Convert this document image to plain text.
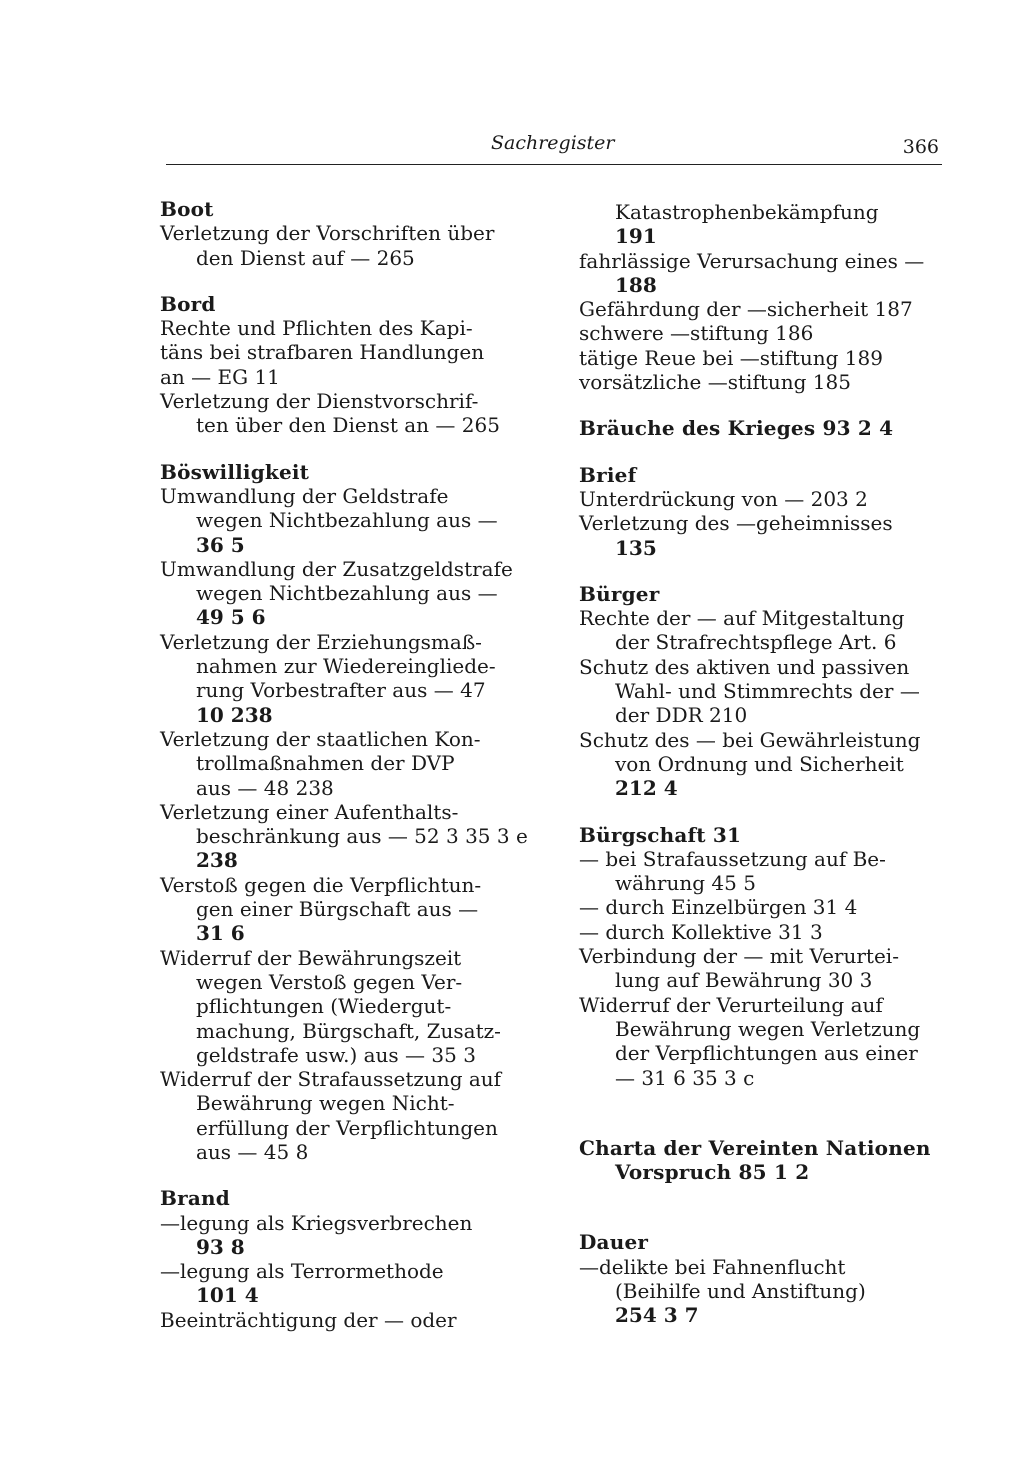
Sachregister	366
Boot
Verletzung der Vorschriften über
den Dienst auf — 265
Bord
Rechte und Pflichten des Kapi-
täns bei strafbaren Handlungen
an — EG 11
Verletzung der Dienstvorschrif-
ten über den Dienst an — 265
Böswilligkeit
Umwandlung der Geldstrafe
wegen Nichtbezahlung aus —
36 5
Umwandlung der Zusatzgeldstrafe
wegen Nichtbezahlung aus —
49 5 6
Verletzung der Erziehungsmaß-
nahmen zur Wiedereingliede-
rung Vorbestrafter aus — 47
10 238
Verletzung der staatlichen Kon-
trollmaßnahmen der DVP
aus — 48 238
Verletzung einer Aufenthalts-
beschränkung aus — 52 3 35 3 e
238
Verstoß gegen die Verpflichtun-
gen einer Bürgschaft aus —
31 6
Widerruf der Bewährungszeit
wegen Verstoß gegen Ver-
pflichtungen (Wiedergut-
machung, Bürgschaft, Zusatz-
geldstrafe usw.) aus — 35 3
Widerruf der Strafaussetzung auf
Bewährung wegen Nicht-
erfüllung der Verpflichtungen
aus — 45 8
Brand
—legung als Kriegsverbrechen
93 8
—legung als Terrormethode
101 4
Beeinträchtigung der — oder
Katastrophenbekämpfung
191
fahrlässige Verursachung eines —
188
Gefährdung der —sicherheit 187
schwere —stiftung 186
tätige Reue bei —stiftung 189
vorsätzliche —stiftung 185
Bräuche des Krieges 93 2 4
Brief
Unterdrückung von — 203 2
Verletzung des —geheimnisses
135
Bürger
Rechte der — auf Mitgestaltung
der Strafrechtspflege Art. 6
Schutz des aktiven und passiven
Wahl- und Stimmrechts der —
der DDR 210
Schutz des — bei Gewährleistung
von Ordnung und Sicherheit
212 4
Bürgschaft 31
— bei Strafaussetzung auf Be-
währung 45 5
— durch Einzelbürgen 31 4
— durch Kollektive 31 3
Verbindung der — mit Verurtei-
lung auf Bewährung 30 3
Widerruf der Verurteilung auf
Bewährung wegen Verletzung
der Verpflichtungen aus einer
— 31 6 35 3 c
Charta der Vereinten Nationen
Vorspruch 85 1 2
Dauer
—delikte bei Fahnenflucht
(Beihilfe und Anstiftung)
254 3 7
